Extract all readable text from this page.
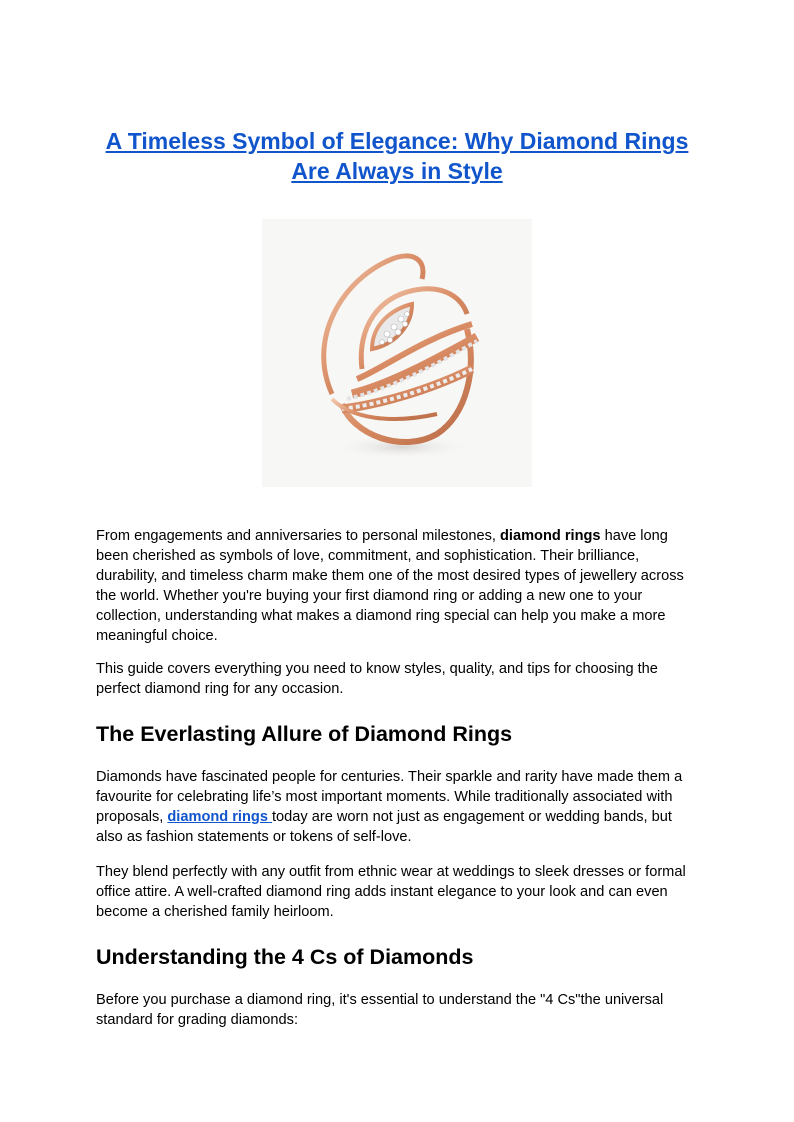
A Timeless Symbol of Elegance: Why Diamond Rings Are Always in Style

From engagements and anniversaries to personal milestones, diamond rings have long been cherished as symbols of love, commitment, and sophistication. Their brilliance, durability, and timeless charm make them one of the most desired types of jewellery across the world. Whether you're buying your first diamond ring or adding a new one to your collection, understanding what makes a diamond ring special can help you make a more meaningful choice.

This guide covers everything you need to know styles, quality, and tips for choosing the perfect diamond ring for any occasion.

The Everlasting Allure of Diamond Rings

Diamonds have fascinated people for centuries. Their sparkle and rarity have made them a favourite for celebrating life’s most important moments. While traditionally associated with proposals, diamond rings today are worn not just as engagement or wedding bands, but also as fashion statements or tokens of self-love.

They blend perfectly with any outfit from ethnic wear at weddings to sleek dresses or formal office attire. A well-crafted diamond ring adds instant elegance to your look and can even become a cherished family heirloom.

Understanding the 4 Cs of Diamonds

Before you purchase a diamond ring, it's essential to understand the "4 Cs"the universal standard for grading diamonds:
